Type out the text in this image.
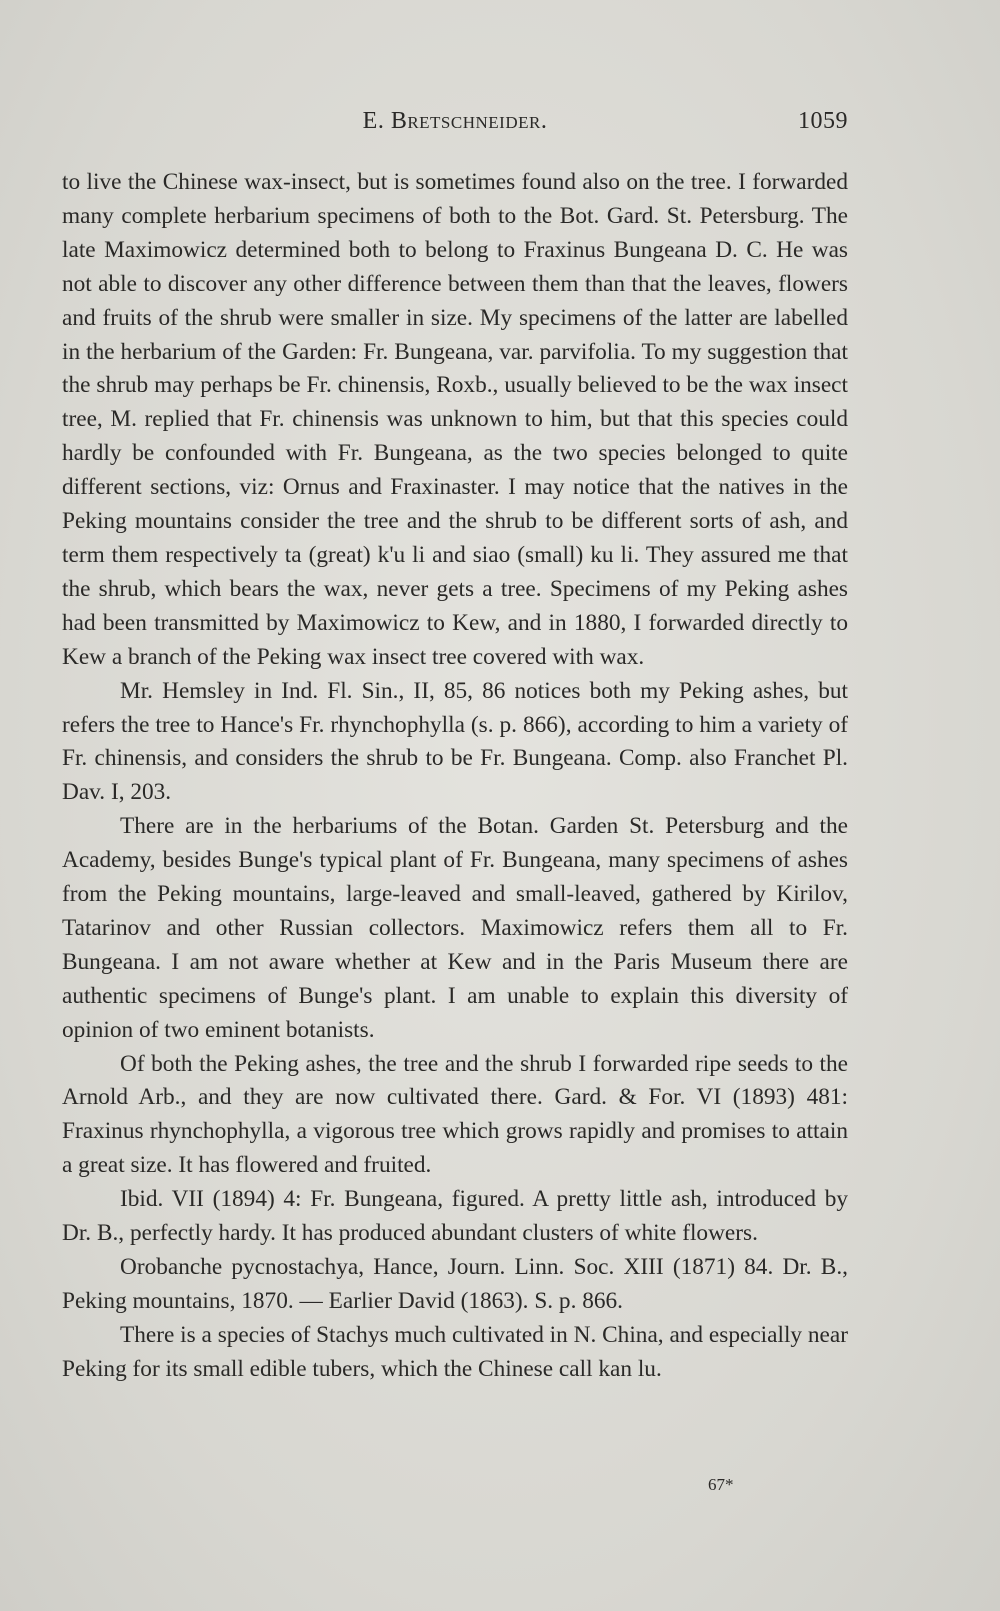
E. Bretschneider.	1059

to live the Chinese wax-insect, but is sometimes found also on the tree. I forwarded many complete herbarium specimens of both to the Bot. Gard. St. Petersburg. The late Maximowicz determined both to belong to Fraxinus Bungeana D. C. He was not able to discover any other difference between them than that the leaves, flowers and fruits of the shrub were smaller in size. My specimens of the latter are labelled in the herbarium of the Garden: Fr. Bungeana, var. parvifolia. To my suggestion that the shrub may perhaps be Fr. chinensis, Roxb., usually believed to be the wax insect tree, M. replied that Fr. chinensis was unknown to him, but that this species could hardly be confounded with Fr. Bungeana, as the two species belonged to quite different sections, viz: Ornus and Fraxinaster. I may notice that the natives in the Peking mountains consider the tree and the shrub to be different sorts of ash, and term them respectively ta (great) k'u li and siao (small) ku li. They assured me that the shrub, which bears the wax, never gets a tree. Specimens of my Peking ashes had been transmitted by Maximowicz to Kew, and in 1880, I forwarded directly to Kew a branch of the Peking wax insect tree covered with wax.

Mr. Hemsley in Ind. Fl. Sin., II, 85, 86 notices both my Peking ashes, but refers the tree to Hance's Fr. rhynchophylla (s. p. 866), according to him a variety of Fr. chinensis, and considers the shrub to be Fr. Bungeana. Comp. also Franchet Pl. Dav. I, 203.

There are in the herbariums of the Botan. Garden St. Petersburg and the Academy, besides Bunge's typical plant of Fr. Bungeana, many specimens of ashes from the Peking mountains, large-leaved and small-leaved, gathered by Kirilov, Tatarinov and other Russian collectors. Maximowicz refers them all to Fr. Bungeana. I am not aware whether at Kew and in the Paris Museum there are authentic specimens of Bunge's plant. I am unable to explain this diversity of opinion of two eminent botanists.

Of both the Peking ashes, the tree and the shrub I forwarded ripe seeds to the Arnold Arb., and they are now cultivated there. Gard. & For. VI (1893) 481: Fraxinus rhynchophylla, a vigorous tree which grows rapidly and promises to attain a great size. It has flowered and fruited.

Ibid. VII (1894) 4: Fr. Bungeana, figured. A pretty little ash, introduced by Dr. B., perfectly hardy. It has produced abundant clusters of white flowers.

Orobanche pycnostachya, Hance, Journ. Linn. Soc. XIII (1871) 84. Dr. B., Peking mountains, 1870. — Earlier David (1863). S. p. 866.

There is a species of Stachys much cultivated in N. China, and especially near Peking for its small edible tubers, which the Chinese call kan lu.

67*
